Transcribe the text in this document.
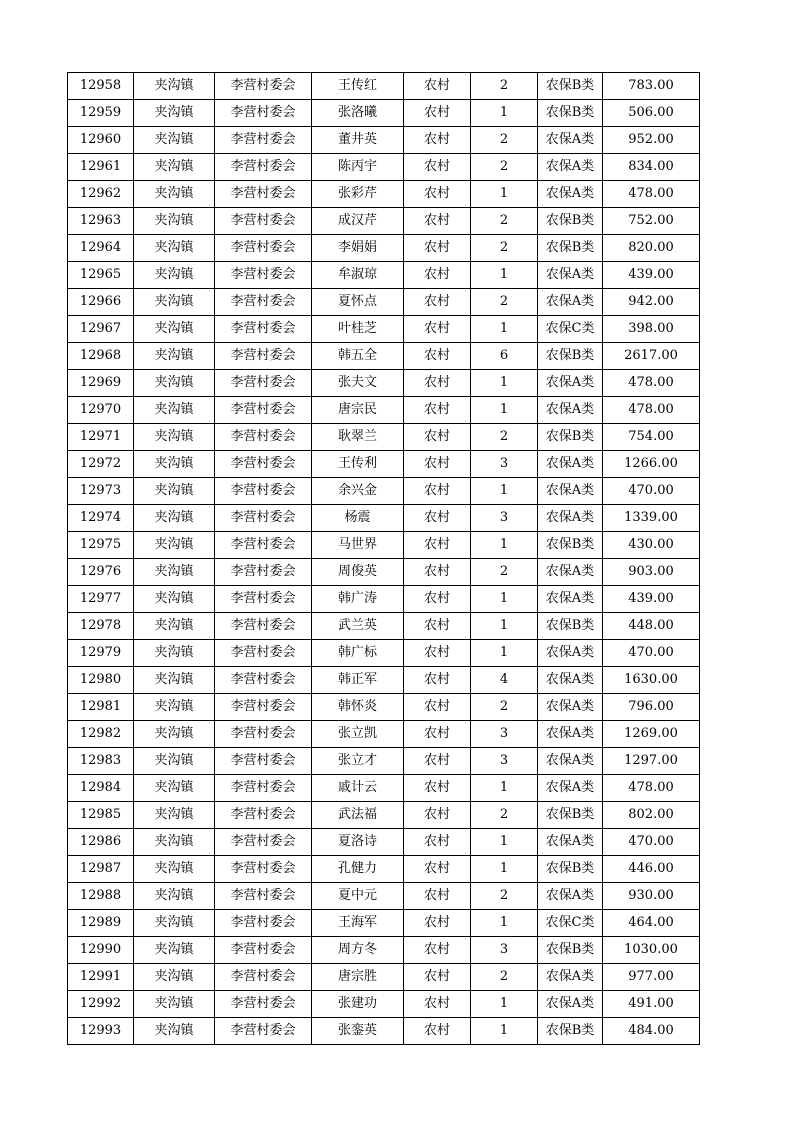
12958	夹沟镇	李营村委会	王传红	农村	2	农保B类	783.00
12959	夹沟镇	李营村委会	张洛曦	农村	1	农保B类	506.00
12960	夹沟镇	李营村委会	董井英	农村	2	农保A类	952.00
12961	夹沟镇	李营村委会	陈丙宇	农村	2	农保A类	834.00
12962	夹沟镇	李营村委会	张彩芹	农村	1	农保A类	478.00
12963	夹沟镇	李营村委会	成汉芹	农村	2	农保B类	752.00
12964	夹沟镇	李营村委会	李娟娟	农村	2	农保B类	820.00
12965	夹沟镇	李营村委会	牟淑琼	农村	1	农保A类	439.00
12966	夹沟镇	李营村委会	夏怀点	农村	2	农保A类	942.00
12967	夹沟镇	李营村委会	叶桂芝	农村	1	农保C类	398.00
12968	夹沟镇	李营村委会	韩五全	农村	6	农保B类	2617.00
12969	夹沟镇	李营村委会	张夫文	农村	1	农保A类	478.00
12970	夹沟镇	李营村委会	唐宗民	农村	1	农保A类	478.00
12971	夹沟镇	李营村委会	耿翠兰	农村	2	农保B类	754.00
12972	夹沟镇	李营村委会	王传利	农村	3	农保A类	1266.00
12973	夹沟镇	李营村委会	余兴金	农村	1	农保A类	470.00
12974	夹沟镇	李营村委会	杨震	农村	3	农保A类	1339.00
12975	夹沟镇	李营村委会	马世界	农村	1	农保B类	430.00
12976	夹沟镇	李营村委会	周俊英	农村	2	农保A类	903.00
12977	夹沟镇	李营村委会	韩广涛	农村	1	农保A类	439.00
12978	夹沟镇	李营村委会	武兰英	农村	1	农保B类	448.00
12979	夹沟镇	李营村委会	韩广标	农村	1	农保A类	470.00
12980	夹沟镇	李营村委会	韩正军	农村	4	农保A类	1630.00
12981	夹沟镇	李营村委会	韩怀炎	农村	2	农保A类	796.00
12982	夹沟镇	李营村委会	张立凯	农村	3	农保A类	1269.00
12983	夹沟镇	李营村委会	张立才	农村	3	农保A类	1297.00
12984	夹沟镇	李营村委会	戚计云	农村	1	农保A类	478.00
12985	夹沟镇	李营村委会	武法福	农村	2	农保B类	802.00
12986	夹沟镇	李营村委会	夏洛诗	农村	1	农保A类	470.00
12987	夹沟镇	李营村委会	孔健力	农村	1	农保B类	446.00
12988	夹沟镇	李营村委会	夏中元	农村	2	农保A类	930.00
12989	夹沟镇	李营村委会	王海军	农村	1	农保C类	464.00
12990	夹沟镇	李营村委会	周方冬	农村	3	农保B类	1030.00
12991	夹沟镇	李营村委会	唐宗胜	农村	2	农保A类	977.00
12992	夹沟镇	李营村委会	张建功	农村	1	农保A类	491.00
12993	夹沟镇	李营村委会	张銮英	农村	1	农保B类	484.00
